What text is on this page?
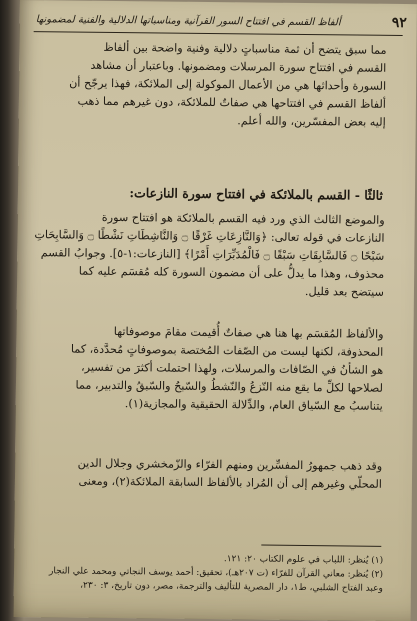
٩٢
ألفاظ القسم في افتتاح السور القرآنية ومناسباتها الدلالية والفنية لمضمونها
مما سبق يتضح أن ثمة مناسباتٍ دلالية وفنية واضحة بين ألفاظ
القسم في افتتاح سورة المرسلات ومضمونها. وباعتبار أن مشاهد
السورة وأحداثها هي من الأعمال الموكولة إلى الملائكة، فهذا يرجّح أن
ألفاظ القسم في افتتاحها هي صفاتٌ للملائكة، دون غيرهم مما ذهب
إليه بعض المفسّرين، والله أعلم.
ثالثًا - القسم بالملائكة في افتتاح سورة النازعات:
والموضع الثالث الذي ورد فيه القسم بالملائكة هو افتتاح سورة
النازعات في قوله تعالى: ﴿وَالنَّازِعَاتِ غَرْقًا ۝ وَالنَّاشِطَاتِ نَشْطًا ۝ وَالسَّابِحَاتِ
سَبْحًا ۝ فَالسَّابِقَاتِ سَبْقًا ۝ فَالْمُدَبِّرَاتِ أَمْرًا﴾ [النازعات:١-٥]. وجوابُ القسم
محذوف، وهذا ما يدلُّ على أن مضمون السورة كله مُقسَم عليه كما
سيتضح بعد قليل.
والألفاظ المُقسَم بها هنا هي صفاتٌ أُقيمت مقامَ موصوفاتها
المحذوفة، لكنها ليست من الصّفات المُختصة بموصوفاتٍ مُحدَّدة، كما
هو الشأنُ في الصّافات والمرسلات، ولهذا احتملت أكثرَ من تفسير،
لصلاحها لكلِّ ما يقع منه النّزعُ والنّشطُ والسّبحُ والسّبقُ والتدبير، مما
يتناسبُ مع السّياق العام، والدِّلالة الحقيقية والمجازية(١).
وقد ذهب جمهورُ المفسِّرين ومنهم الفرّاء والزّمخشري وجلال الدين
المحلّي وغيرهم إلى أن المُراد بالألفاظ السابقة الملائكة(٢)، ومعنى
(١) يُنظر: اللباب في علوم الكتاب ٢٠: ١٢١.
(٢) يُنظر: معاني القرآن للفرّاء (ت ٢٠٧هـ)، تحقيق: أحمد يوسف النجاتي ومحمد علي النجار
وعبد الفتاح الشلبي، ط١، دار المصرية للتأليف والترجمة، مصر، دون تاريخ، ٣: ٢٣٠،
